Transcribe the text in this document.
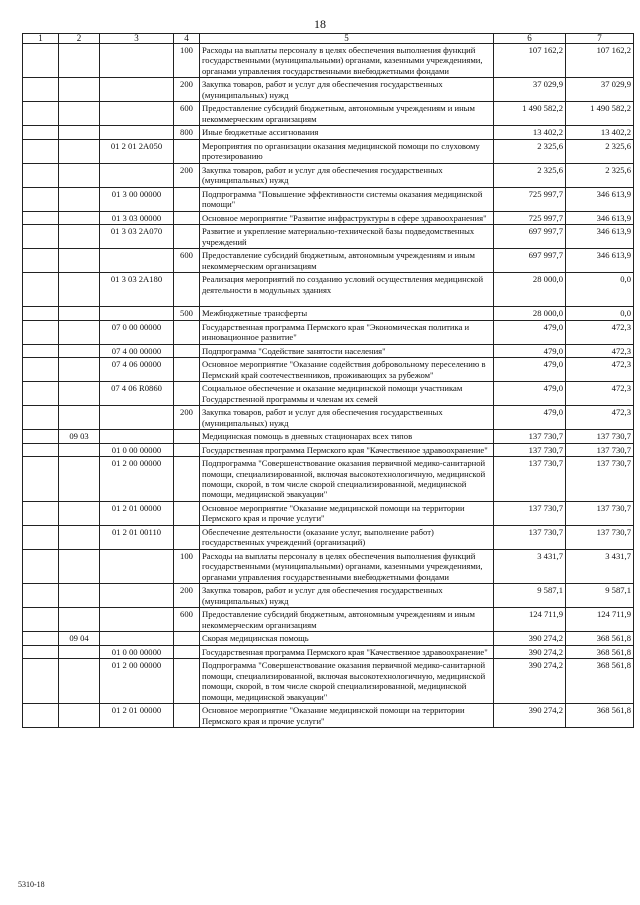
18
1	2	3	4	5	6	7
			100	Расходы на выплаты персоналу в целях обеспечения выполнения функций государственными (муниципальными) органами, казенными учреждениями, органами управления государственными внебюджетными фондами	107 162,2	107 162,2
			200	Закупка товаров, работ и услуг для обеспечения государственных (муниципальных) нужд	37 029,9	37 029,9
			600	Предоставление субсидий бюджетным, автономным учреждениям и иным некоммерческим организациям	1 490 582,2	1 490 582,2
			800	Иные бюджетные ассигнования	13 402,2	13 402,2
		01 2 01 2А050		Мероприятия по организации оказания медицинской помощи по слуховому протезированию	2 325,6	2 325,6
			200	Закупка товаров, работ и услуг для обеспечения государственных (муниципальных) нужд	2 325,6	2 325,6
		01 3 00 00000		Подпрограмма "Повышение эффективности системы оказания медицинской помощи"	725 997,7	346 613,9
		01 3 03 00000		Основное мероприятие "Развитие инфраструктуры в сфере здравоохранения"	725 997,7	346 613,9
		01 3 03 2А070		Развитие и укрепление материально-технической базы подведомственных учреждений	697 997,7	346 613,9
			600	Предоставление субсидий бюджетным, автономным учреждениям и иным некоммерческим организациям	697 997,7	346 613,9
		01 3 03 2А180		Реализация мероприятий по созданию условий осуществления медицинской деятельности в модульных зданиях	28 000,0	0,0
			500	Межбюджетные трансферты	28 000,0	0,0
		07 0 00 00000		Государственная программа Пермского края "Экономическая политика и инновационное развитие"	479,0	472,3
		07 4 00 00000		Подпрограмма "Содействие занятости населения"	479,0	472,3
		07 4 06 00000		Основное мероприятие "Оказание содействия добровольному переселению в Пермский край соотечественников, проживающих за рубежом"	479,0	472,3
		07 4 06 R0860		Социальное обеспечение и оказание медицинской помощи участникам Государственной программы и членам их семей	479,0	472,3
			200	Закупка товаров, работ и услуг для обеспечения государственных (муниципальных) нужд	479,0	472,3
	09 03			Медицинская помощь в дневных стационарах всех типов	137 730,7	137 730,7
		01 0 00 00000		Государственная программа Пермского края "Качественное здравоохранение"	137 730,7	137 730,7
		01 2 00 00000		Подпрограмма "Совершенствование оказания первичной медико-санитарной помощи, специализированной, включая высокотехнологичную, медицинской помощи, скорой, в том числе скорой специализированной, медицинской помощи, медицинской эвакуации"	137 730,7	137 730,7
		01 2 01 00000		Основное мероприятие "Оказание медицинской помощи на территории Пермского края и прочие услуги"	137 730,7	137 730,7
		01 2 01 00110		Обеспечение деятельности (оказание услуг, выполнение работ) государственных учреждений (организаций)	137 730,7	137 730,7
			100	Расходы на выплаты персоналу в целях обеспечения выполнения функций государственными (муниципальными) органами, казенными учреждениями, органами управления государственными внебюджетными фондами	3 431,7	3 431,7
			200	Закупка товаров, работ и услуг для обеспечения государственных (муниципальных) нужд	9 587,1	9 587,1
			600	Предоставление субсидий бюджетным, автономным учреждениям и иным некоммерческим организациям	124 711,9	124 711,9
	09 04			Скорая медицинская помощь	390 274,2	368 561,8
		01 0 00 00000		Государственная программа Пермского края "Качественное здравоохранение"	390 274,2	368 561,8
		01 2 00 00000		Подпрограмма "Совершенствование оказания первичной медико-санитарной помощи, специализированной, включая высокотехнологичную, медицинской помощи, скорой, в том числе скорой специализированной, медицинской помощи, медицинской эвакуации"	390 274,2	368 561,8
		01 2 01 00000		Основное мероприятие "Оказание медицинской помощи на территории Пермского края и прочие услуги"	390 274,2	368 561,8
5310-18
